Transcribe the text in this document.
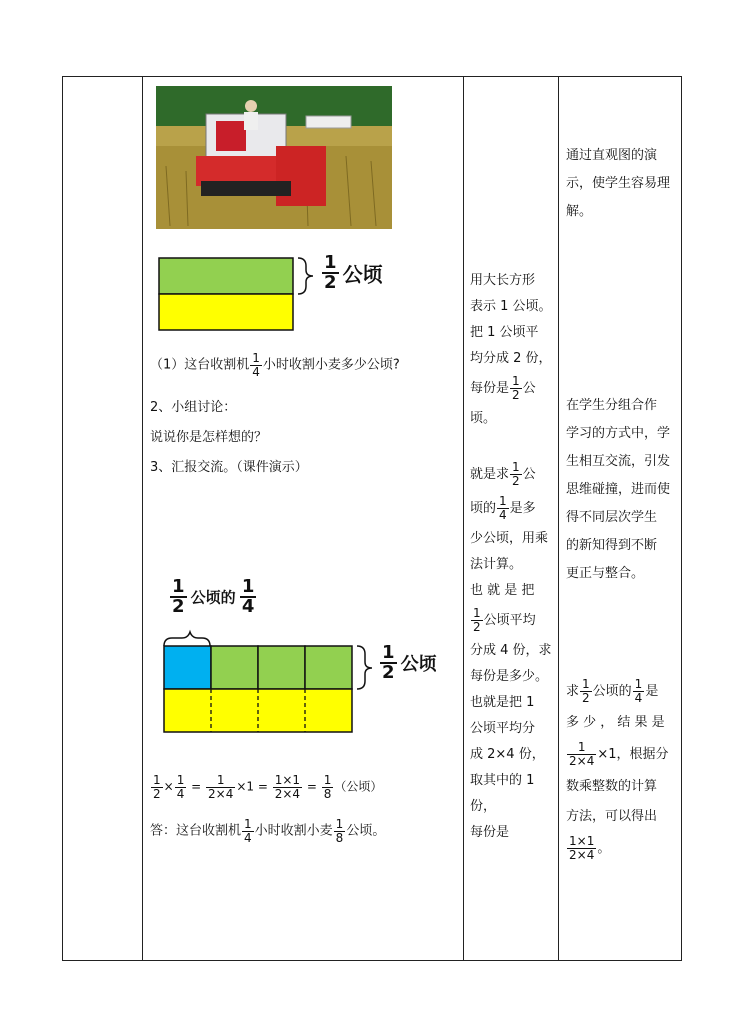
$\frac{1}{2}$ 公顷
（1）这台收割机 $\frac{1}{4}$ 小时收割小麦多少公顷?
2、小组讨论：
说说你是怎样想的？
3、汇报交流。（课件演示）
$\frac{1}{2}$ 公顷的 $\frac{1}{4}$
$\frac{1}{2}$ 公顷
$\frac{1}{2} \times \frac{1}{4} = \frac{1}{2\times 4} \times 1 = \frac{1\times 1}{2\times 4} = \frac{1}{8}$ （公顷）
答：这台收割机 $\frac{1}{4}$ 小时收割小麦 $\frac{1}{8}$ 公顷。
用大长方形
表示 1 公顷。
把 1 公顷平
均分成 2 份，
每份是 $\frac{1}{2}$ 公
顷。
就是求 $\frac{1}{2}$ 公
顷的 $\frac{1}{4}$ 是多
少公顷，用乘
法计算。
也 就 是 把
$\frac{1}{2}$ 公顷平均
分成 4 份，求
每份是多少。
也就是把 1
公顷平均分
成 2×4 份，
取其中的 1
份，
每份是
通过直观图的演
示，使学生容易理
解。
在学生分组合作
学习的方式中，学
生相互交流，引发
思维碰撞，进而使
得不同层次学生
的新知得到不断
更正与整合。
求 $\frac{1}{2}$ 公顷的 $\frac{1}{4}$ 是
多 少 ， 结 果 是
$\frac{1}{2\times 4} \times 1$，根据分
数乘整数的计算
方法，可以得出
$\frac{1\times 1}{2\times 4}$ 。
